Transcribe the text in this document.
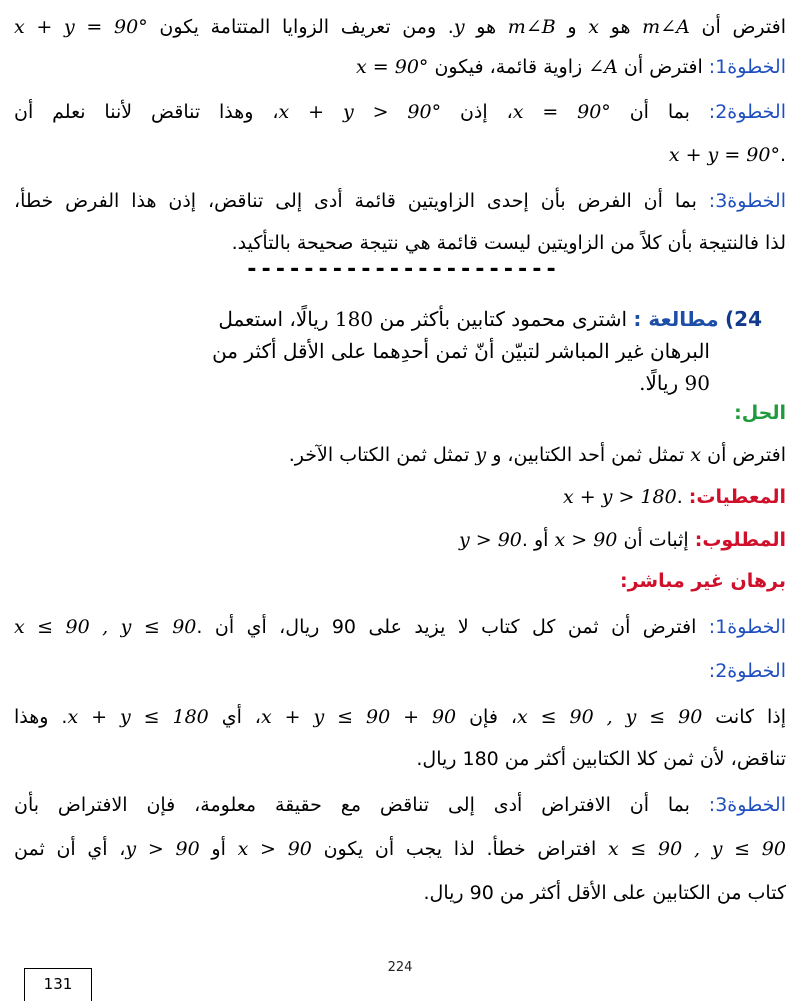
افترض أن m∠A هو x و m∠B هو y. ومن تعريف الزوايا المتتامة يكون x + y = 90°
الخطوة1: افترض أن ∠A زاوية قائمة، فيكون x = 90°
الخطوة2: بما أن x = 90°، إذن x + y > 90°، وهذا تناقض لأننا نعلم أن
.x + y = 90°
الخطوة3: بما أن الفرض بأن إحدى الزاويتين قائمة أدى إلى تناقض، إذن هذا الفرض خطأ،
لذا فالنتيجة بأن كلاً من الزاويتين ليست قائمة هي نتيجة صحيحة بالتأكيد.
----------------------
24) مطالعة : اشترى محمود كتابين بأكثر من 180 ريالًا، استعمل
البرهان غير المباشر لتبيّن أنّ ثمن أحدِهما على الأقل أكثر من
90 ريالًا.
الحل:
افترض أن x تمثل ثمن أحد الكتابين، و y تمثل ثمن الكتاب الآخر.
المعطيات: .x + y > 180
المطلوب: إثبات أن x > 90 أو .y > 90
برهان غير مباشر:
الخطوة1: افترض أن ثمن كل كتاب لا يزيد على 90 ريال، أي أن .x ≤ 90 , y ≤ 90
الخطوة2:
إذا كانت x ≤ 90 , y ≤ 90، فإن x + y ≤ 90 + 90، أي x + y ≤ 180. وهذا
تناقض، لأن ثمن كلا الكتابين أكثر من 180 ريال.
الخطوة3: بما أن الافتراض أدى إلى تناقض مع حقيقة معلومة، فإن الافتراض بأن
x ≤ 90 , y ≤ 90 افتراض خطأ. لذا يجب أن يكون x > 90 أو y > 90، أي أن ثمن
كتاب من الكتابين على الأقل أكثر من 90 ريال.
224
131
